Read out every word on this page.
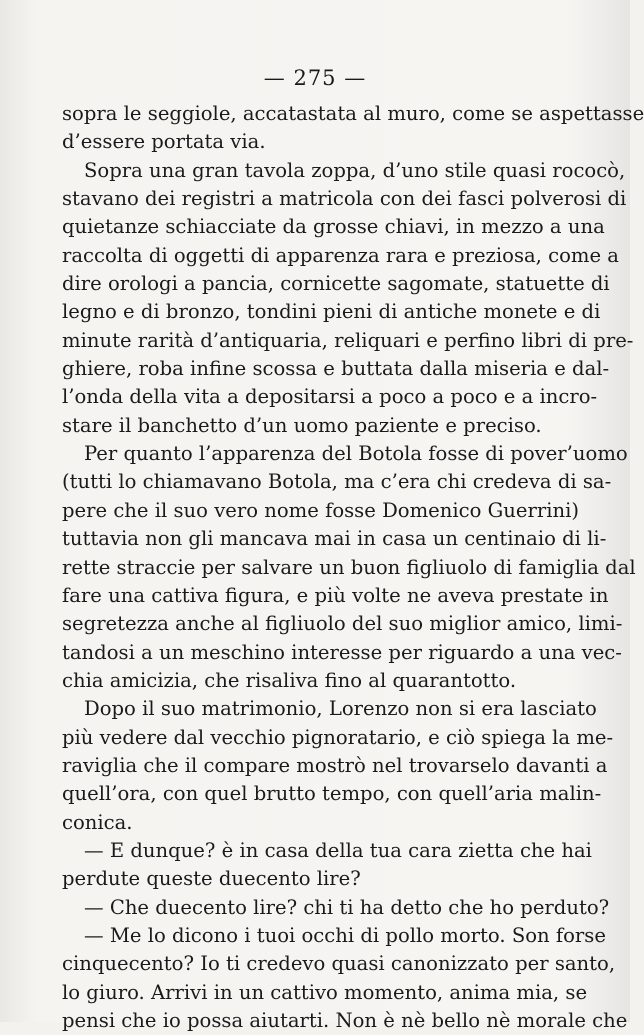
— 275 —
sopra le seggiole, accatastata al muro, come se aspettasse
d’essere portata via.
Sopra una gran tavola zoppa, d’uno stile quasi rococò,
stavano dei registri a matricola con dei fasci polverosi di
quietanze schiacciate da grosse chiavi, in mezzo a una
raccolta di oggetti di apparenza rara e preziosa, come a
dire orologi a pancia, cornicette sagomate, statuette di
legno e di bronzo, tondini pieni di antiche monete e di
minute rarità d’antiquaria, reliquari e perfino libri di pre-
ghiere, roba infine scossa e buttata dalla miseria e dal-
l’onda della vita a depositarsi a poco a poco e a incro-
stare il banchetto d’un uomo paziente e preciso.
Per quanto l’apparenza del Botola fosse di pover’uomo
(tutti lo chiamavano Botola, ma c’era chi credeva di sa-
pere che il suo vero nome fosse Domenico Guerrini)
tuttavia non gli mancava mai in casa un centinaio di li-
rette straccie per salvare un buon figliuolo di famiglia dal
fare una cattiva figura, e più volte ne aveva prestate in
segretezza anche al figliuolo del suo miglior amico, limi-
tandosi a un meschino interesse per riguardo a una vec-
chia amicizia, che risaliva fino al quarantotto.
Dopo il suo matrimonio, Lorenzo non si era lasciato
più vedere dal vecchio pignoratario, e ciò spiega la me-
raviglia che il compare mostrò nel trovarselo davanti a
quell’ora, con quel brutto tempo, con quell’aria malin-
conica.
— E dunque? è in casa della tua cara zietta che hai
perdute queste duecento lire?
— Che duecento lire? chi ti ha detto che ho perduto?
— Me lo dicono i tuoi occhi di pollo morto. Son forse
cinquecento? Io ti credevo quasi canonizzato per santo,
lo giuro. Arrivi in un cattivo momento, anima mia, se
pensi che io possa aiutarti. Non è nè bello nè morale che
